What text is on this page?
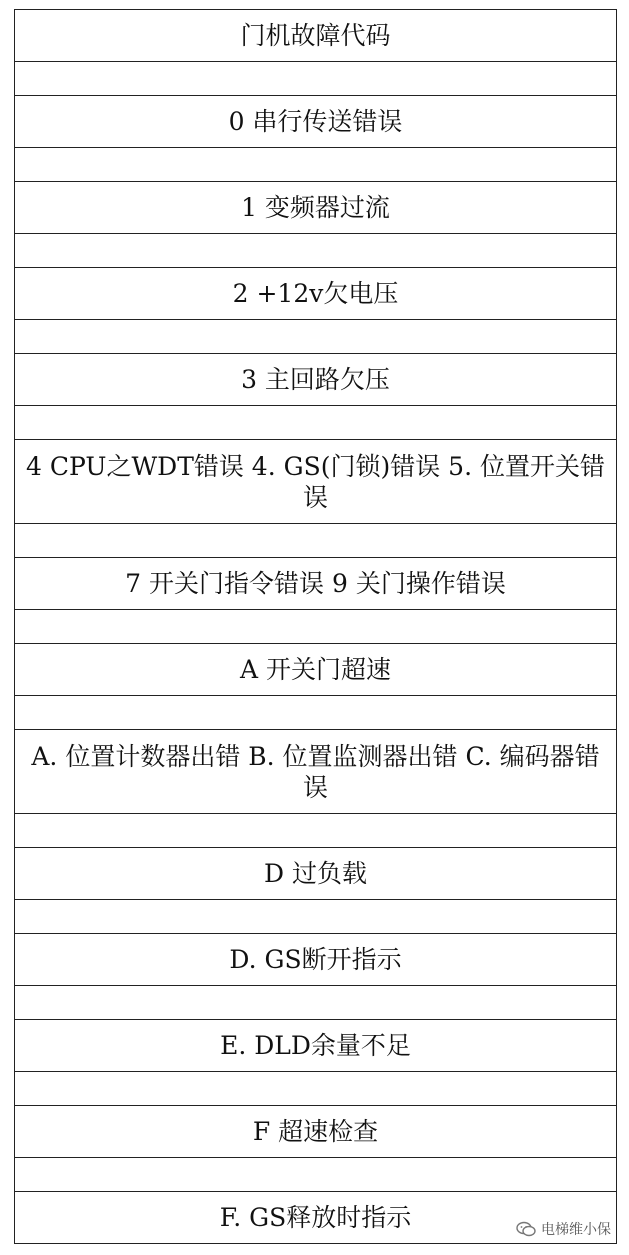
门机故障代码

0 串行传送错误

1 变频器过流

2 +12v欠电压

3 主回路欠压

4 CPU之WDT错误 4. GS(门锁)错误 5. 位置开关错误

7 开关门指令错误 9 关门操作错误

A 开关门超速

A. 位置计数器出错 B. 位置监测器出错 C. 编码器错误

D 过负载

D. GS断开指示

E. DLD余量不足

F 超速检查

F. GS释放时指示	电梯维小保
